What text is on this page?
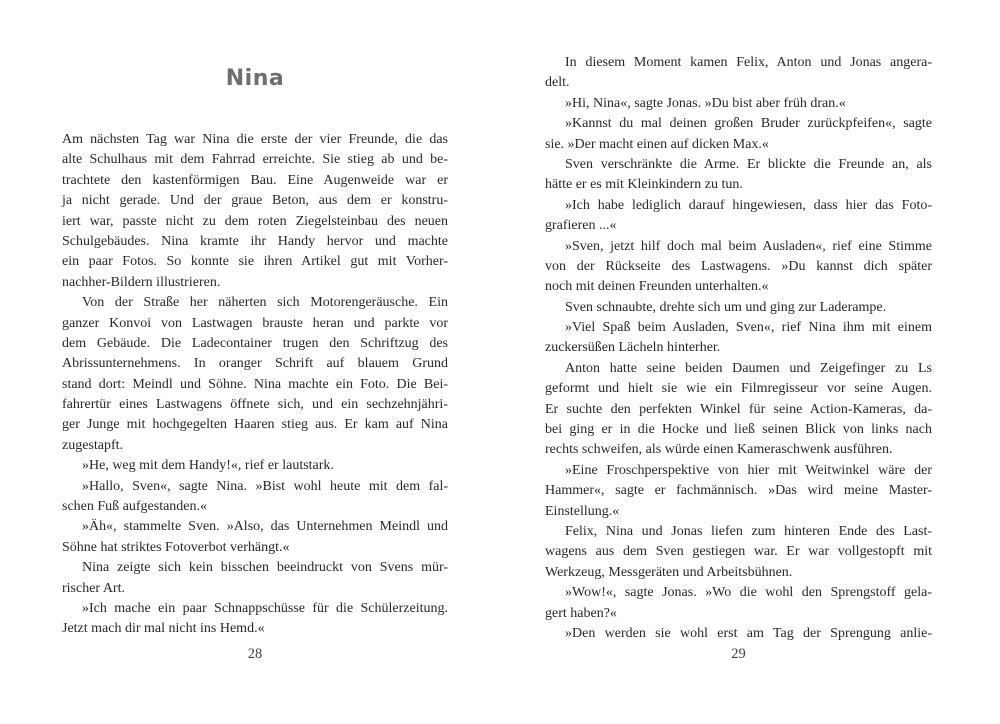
Nina
Am nächsten Tag war Nina die erste der vier Freunde, die das
alte Schulhaus mit dem Fahrrad erreichte. Sie stieg ab und be-
trachtete den kastenförmigen Bau. Eine Augenweide war er
ja nicht gerade. Und der graue Beton, aus dem er konstru-
iert war, passte nicht zu dem roten Ziegelsteinbau des neuen
Schulgebäudes. Nina kramte ihr Handy hervor und machte
ein paar Fotos. So konnte sie ihren Artikel gut mit Vorher-
nachher-Bildern illustrieren.
Von der Straße her näherten sich Motorengeräusche. Ein
ganzer Konvoi von Lastwagen brauste heran und parkte vor
dem Gebäude. Die Ladecontainer trugen den Schriftzug des
Abrissunternehmens. In oranger Schrift auf blauem Grund
stand dort: Meindl und Söhne. Nina machte ein Foto. Die Bei-
fahrertür eines Lastwagens öffnete sich, und ein sechzehnjähri-
ger Junge mit hochgegelten Haaren stieg aus. Er kam auf Nina
zugestapft.
»He, weg mit dem Handy!«, rief er lautstark.
»Hallo, Sven«, sagte Nina. »Bist wohl heute mit dem fal-
schen Fuß aufgestanden.«
»Äh«, stammelte Sven. »Also, das Unternehmen Meindl und
Söhne hat striktes Fotoverbot verhängt.«
Nina zeigte sich kein bisschen beeindruckt von Svens mür-
rischer Art.
»Ich mache ein paar Schnappschüsse für die Schülerzeitung.
Jetzt mach dir mal nicht ins Hemd.«
28
In diesem Moment kamen Felix, Anton und Jonas angera-
delt.
»Hi, Nina«, sagte Jonas. »Du bist aber früh dran.«
»Kannst du mal deinen großen Bruder zurückpfeifen«, sagte
sie. »Der macht einen auf dicken Max.«
Sven verschränkte die Arme. Er blickte die Freunde an, als
hätte er es mit Kleinkindern zu tun.
»Ich habe lediglich darauf hingewiesen, dass hier das Foto-
grafieren ...«
»Sven, jetzt hilf doch mal beim Ausladen«, rief eine Stimme
von der Rückseite des Lastwagens. »Du kannst dich später
noch mit deinen Freunden unterhalten.«
Sven schnaubte, drehte sich um und ging zur Laderampe.
»Viel Spaß beim Ausladen, Sven«, rief Nina ihm mit einem
zuckersüßen Lächeln hinterher.
Anton hatte seine beiden Daumen und Zeigefinger zu Ls
geformt und hielt sie wie ein Filmregisseur vor seine Augen.
Er suchte den perfekten Winkel für seine Action-Kameras, da-
bei ging er in die Hocke und ließ seinen Blick von links nach
rechts schweifen, als würde einen Kameraschwenk ausführen.
»Eine Froschperspektive von hier mit Weitwinkel wäre der
Hammer«, sagte er fachmännisch. »Das wird meine Master-
Einstellung.«
Felix, Nina und Jonas liefen zum hinteren Ende des Last-
wagens aus dem Sven gestiegen war. Er war vollgestopft mit
Werkzeug, Messgeräten und Arbeitsbühnen.
»Wow!«, sagte Jonas. »Wo die wohl den Sprengstoff gela-
gert haben?«
»Den werden sie wohl erst am Tag der Sprengung anlie-
29
